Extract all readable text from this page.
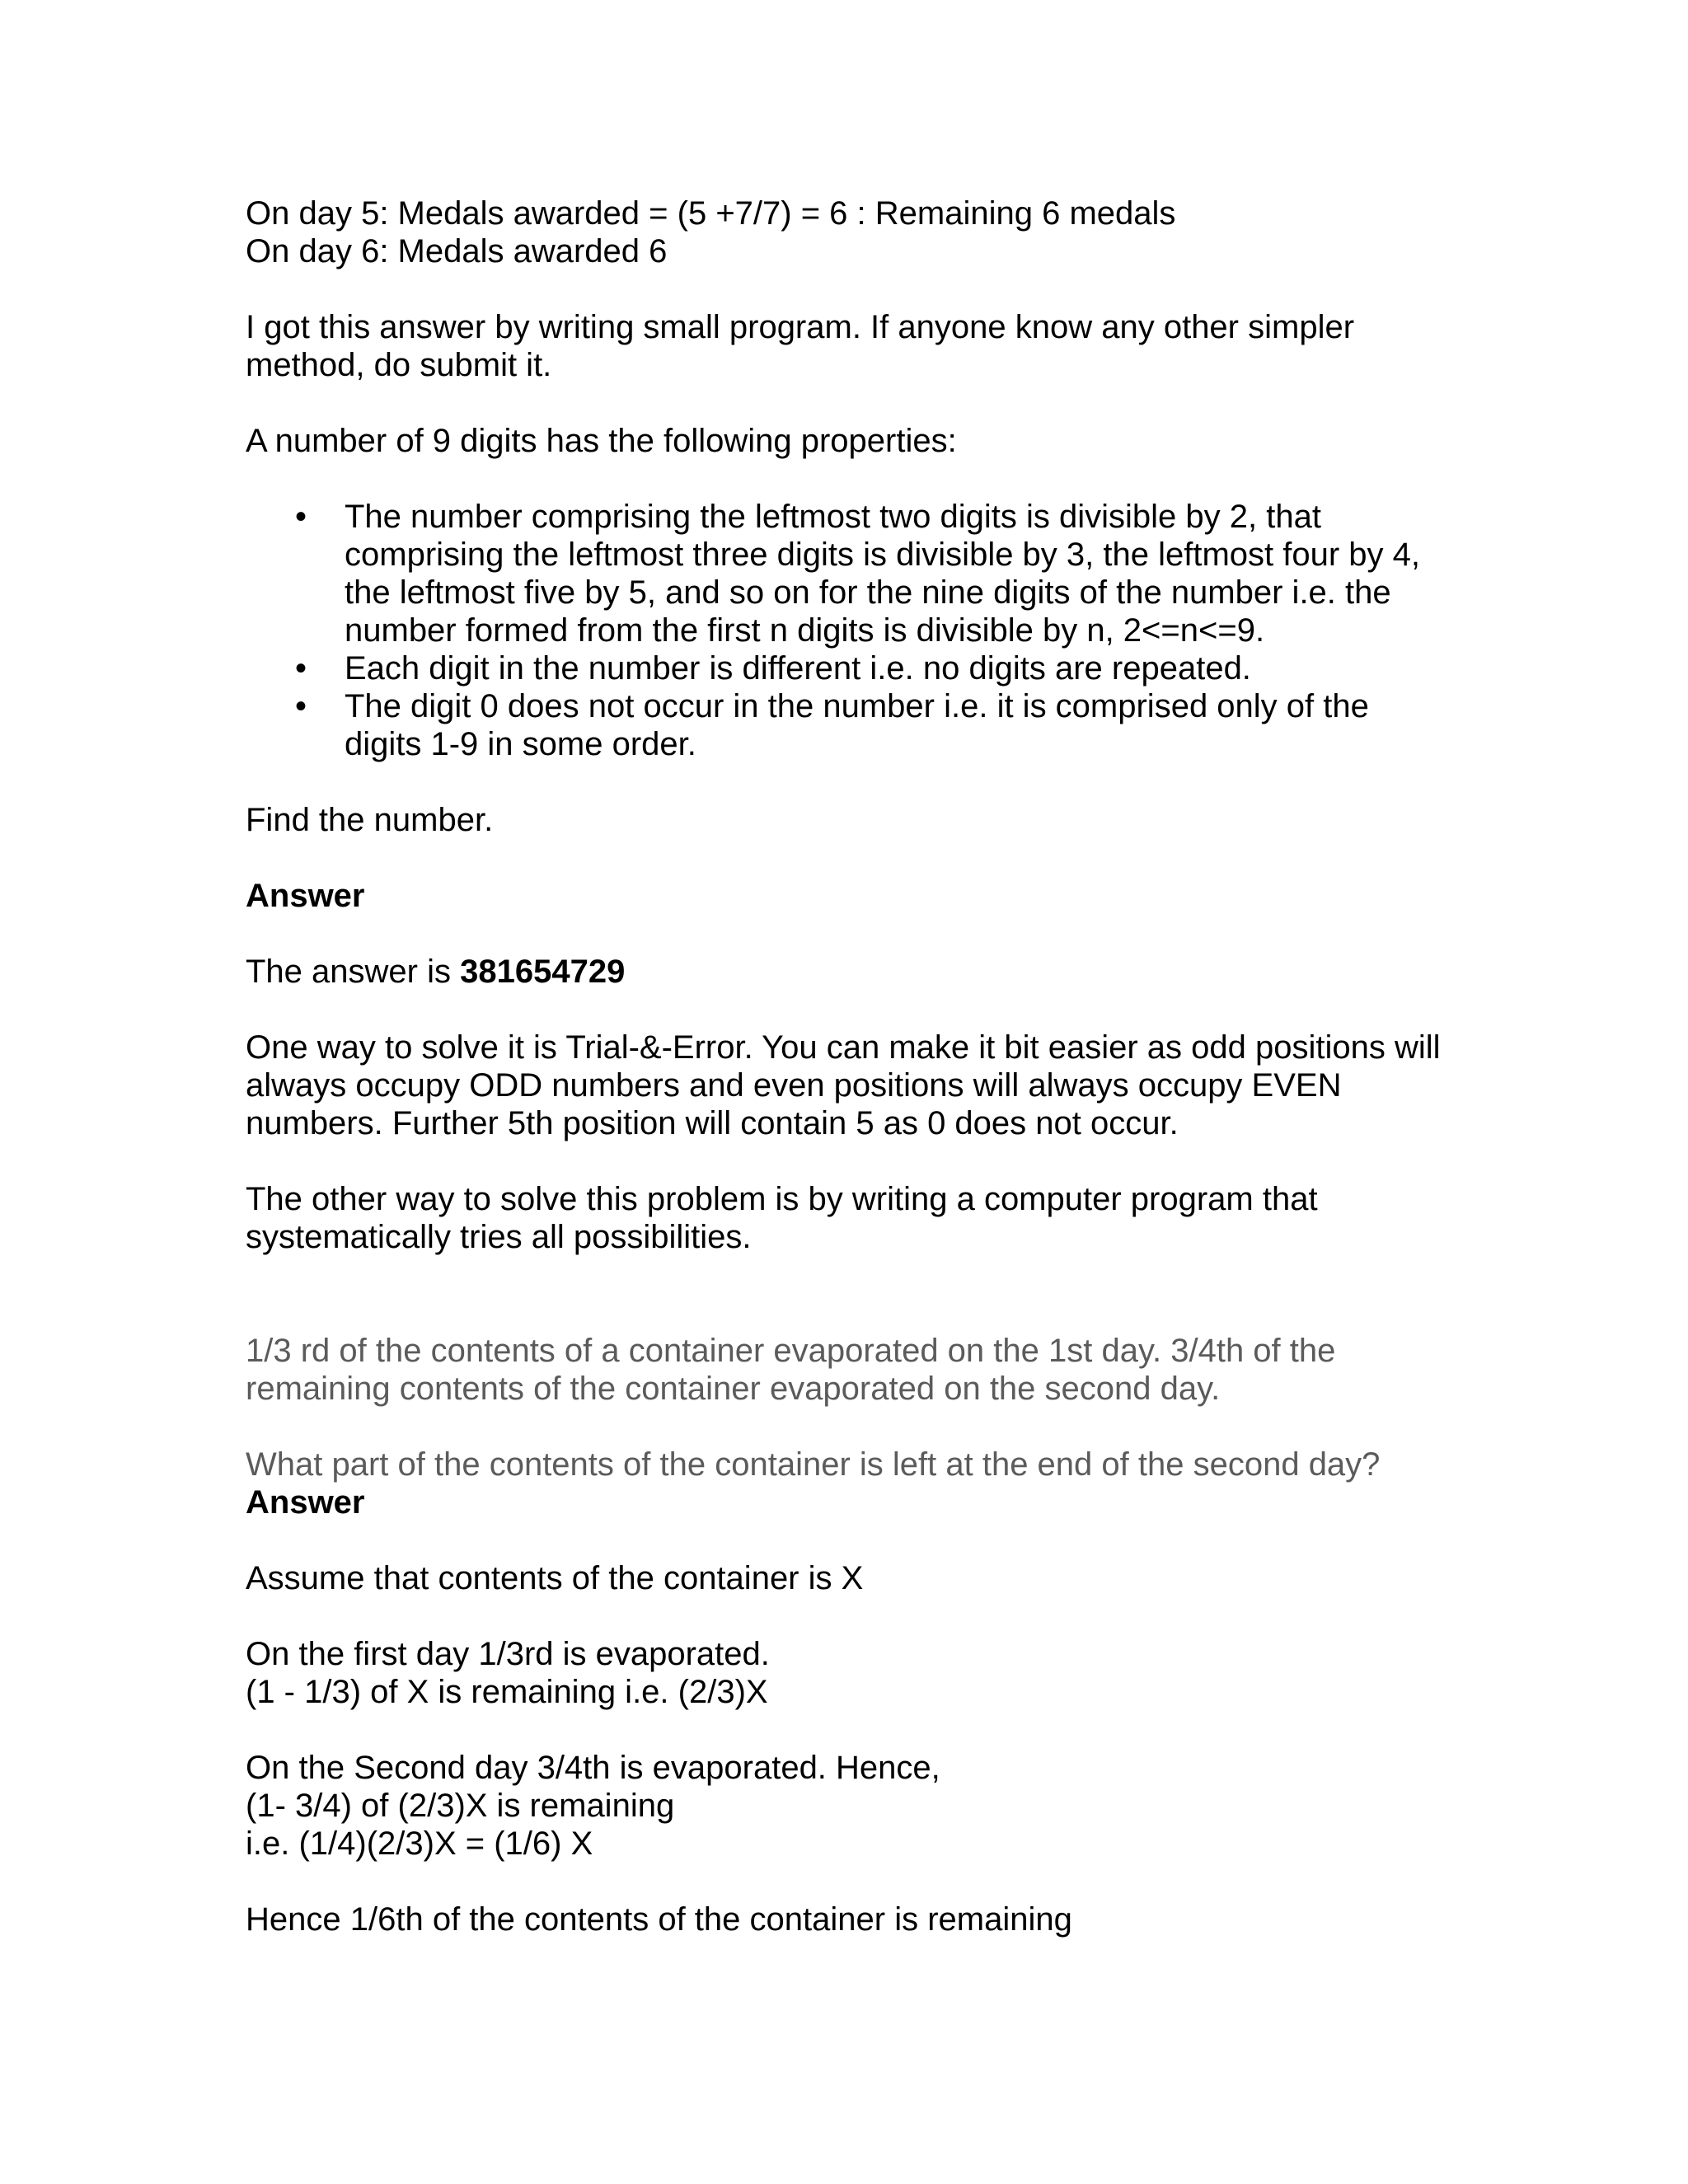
On day 5: Medals awarded = (5 +7/7) = 6 : Remaining 6 medals
On day 6: Medals awarded 6

I got this answer by writing small program. If anyone know any other simpler method, do submit it.

A number of 9 digits has the following properties:

• The number comprising the leftmost two digits is divisible by 2, that comprising the leftmost three digits is divisible by 3, the leftmost four by 4, the leftmost five by 5, and so on for the nine digits of the number i.e. the number formed from the first n digits is divisible by n, 2<=n<=9.
• Each digit in the number is different i.e. no digits are repeated.
• The digit 0 does not occur in the number i.e. it is comprised only of the digits 1-9 in some order.

Find the number.

Answer

The answer is 381654729

One way to solve it is Trial-&-Error. You can make it bit easier as odd positions will always occupy ODD numbers and even positions will always occupy EVEN numbers. Further 5th position will contain 5 as 0 does not occur.

The other way to solve this problem is by writing a computer program that systematically tries all possibilities.

1/3 rd of the contents of a container evaporated on the 1st day. 3/4th of the remaining contents of the container evaporated on the second day.

What part of the contents of the container is left at the end of the second day?

Answer

Assume that contents of the container is X

On the first day 1/3rd is evaporated.
(1 - 1/3) of X is remaining i.e. (2/3)X

On the Second day 3/4th is evaporated. Hence,
(1- 3/4) of (2/3)X is remaining
i.e. (1/4)(2/3)X = (1/6) X

Hence 1/6th of the contents of the container is remaining
